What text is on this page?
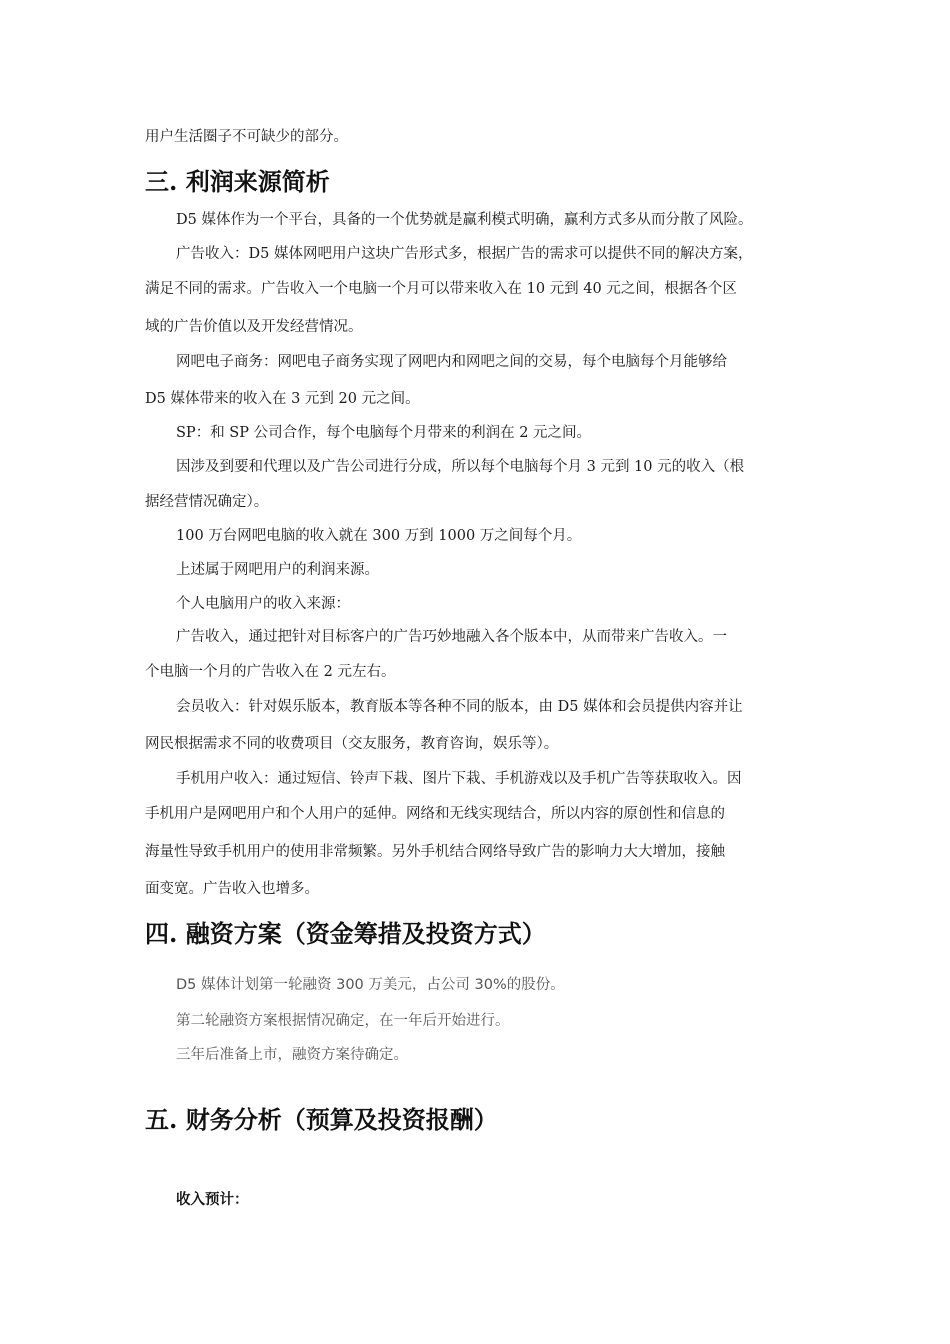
用户生活圈子不可缺少的部分。
三. 利润来源简析
D5 媒体作为一个平台，具备的一个优势就是赢利模式明确，赢利方式多从而分散了风险。
广告收入：D5 媒体网吧用户这块广告形式多，根据广告的需求可以提供不同的解决方案，
满足不同的需求。广告收入一个电脑一个月可以带来收入在 10 元到 40 元之间，根据各个区
域的广告价值以及开发经营情况。
网吧电子商务：网吧电子商务实现了网吧内和网吧之间的交易，每个电脑每个月能够给
D5 媒体带来的收入在 3 元到 20 元之间。
SP：和 SP 公司合作，每个电脑每个月带来的利润在 2 元之间。
因涉及到要和代理以及广告公司进行分成，所以每个电脑每个月 3 元到 10 元的收入（根
据经营情况确定）。
100 万台网吧电脑的收入就在 300 万到 1000 万之间每个月。
上述属于网吧用户的利润来源。
个人电脑用户的收入来源：
广告收入，通过把针对目标客户的广告巧妙地融入各个版本中，从而带来广告收入。一
个电脑一个月的广告收入在 2 元左右。
会员收入：针对娱乐版本，教育版本等各种不同的版本，由 D5 媒体和会员提供内容并让
网民根据需求不同的收费项目（交友服务，教育咨询，娱乐等）。
手机用户收入：通过短信、铃声下栽、图片下栽、手机游戏以及手机广告等获取收入。因
手机用户是网吧用户和个人用户的延伸。网络和无线实现结合，所以内容的原创性和信息的
海量性导致手机用户的使用非常频繁。另外手机结合网络导致广告的影响力大大增加，接触
面变宽。广告收入也增多。
四. 融资方案（资金筹措及投资方式）
D5 媒体计划第一轮融资 300 万美元，占公司 30%的股份。
第二轮融资方案根据情况确定，在一年后开始进行。
三年后准备上市，融资方案待确定。
五. 财务分析（预算及投资报酬）
收入预计：
